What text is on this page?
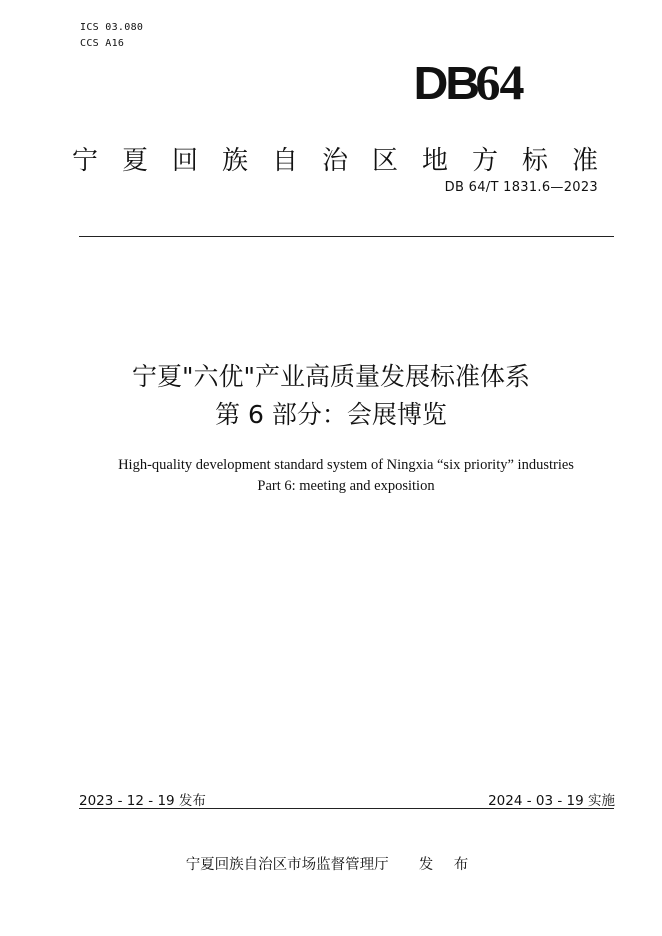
ICS 03.080
CCS A16
DB64
宁夏回族自治区地方标准
DB 64/T 1831.6—2023
宁夏"六优"产业高质量发展标准体系
第 6 部分：会展博览
High-quality development standard system of Ningxia “six priority” industries
Part 6: meeting and exposition
2023 - 12 - 19 发布	2024 - 03 - 19 实施
宁夏回族自治区市场监督管理厅 发 布
